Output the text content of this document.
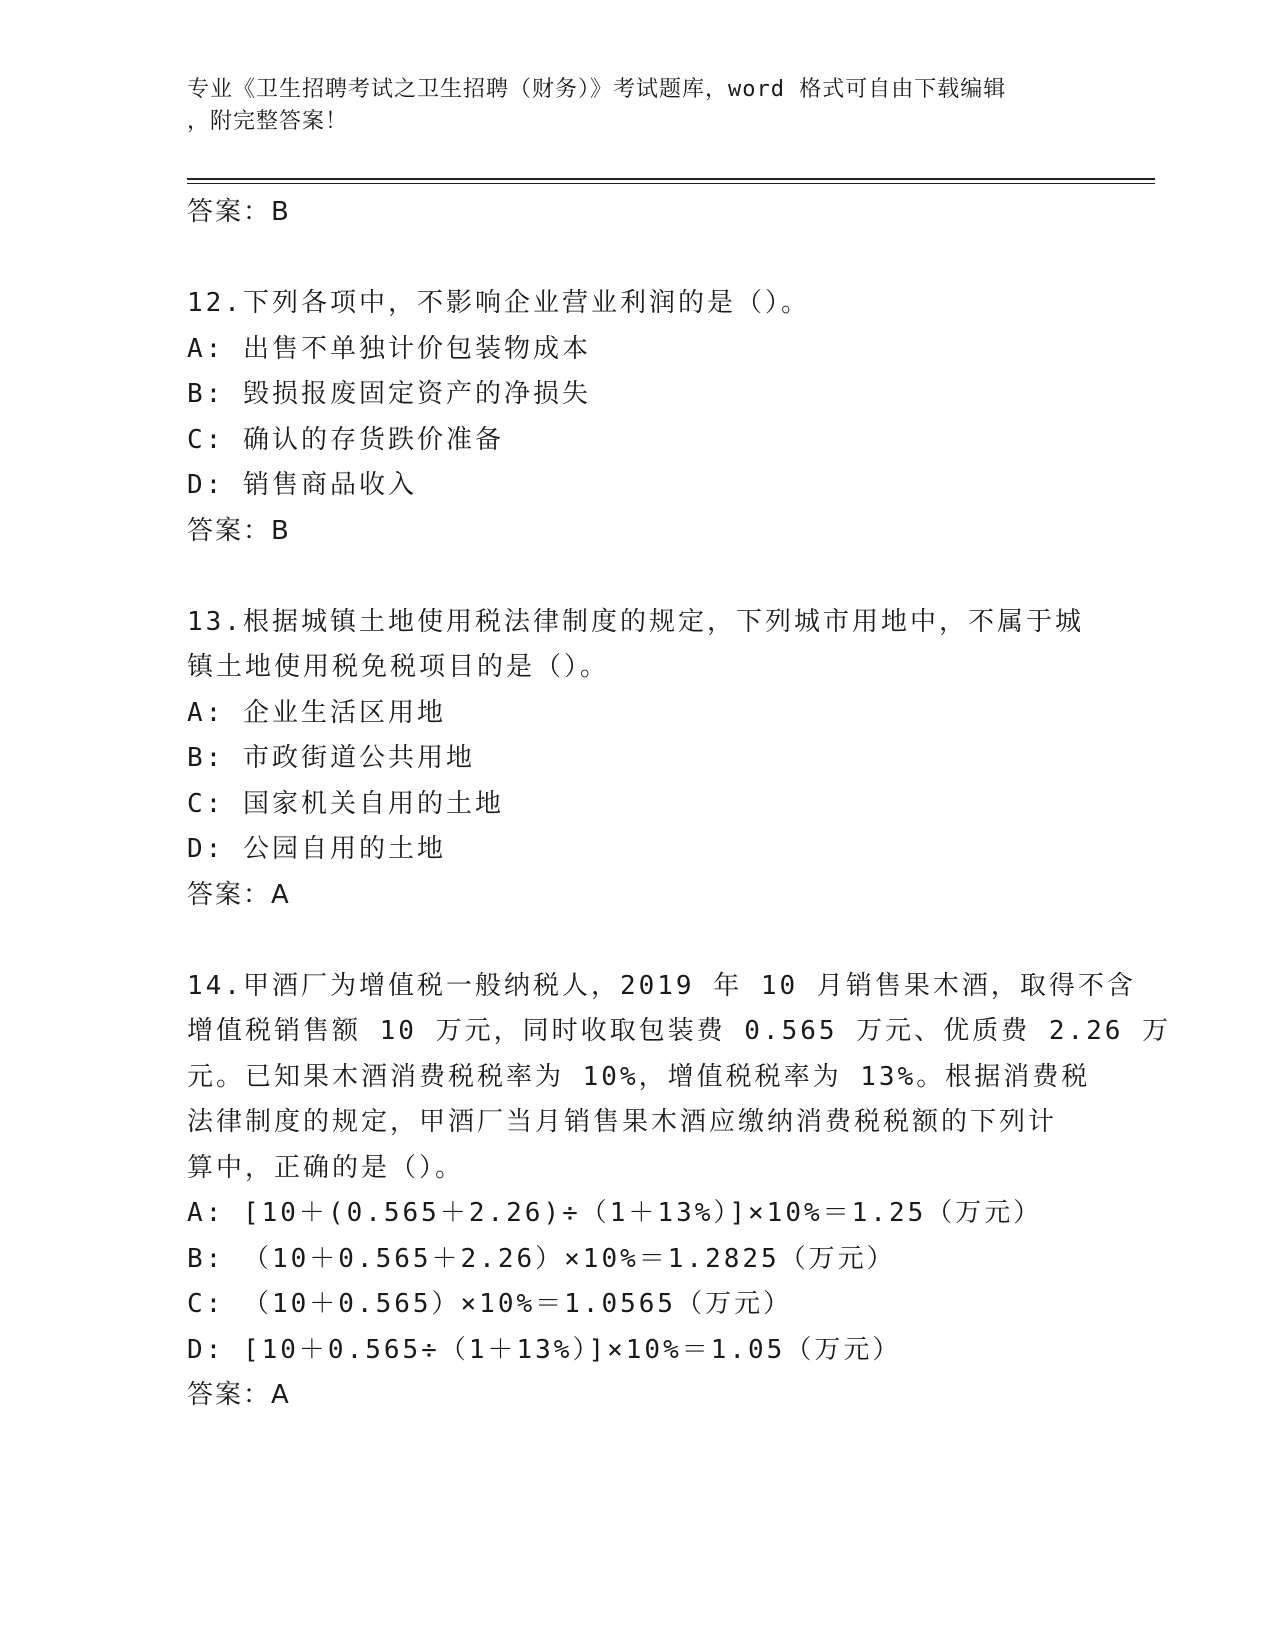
专业《卫生招聘考试之卫生招聘（财务）》考试题库，word 格式可自由下载编辑
，附完整答案！
答案：B
12.下列各项中，不影响企业营业利润的是（）。
A: 出售不单独计价包装物成本
B: 毁损报废固定资产的净损失
C: 确认的存货跌价准备
D: 销售商品收入
答案：B
13.根据城镇土地使用税法律制度的规定，下列城市用地中，不属于城
镇土地使用税免税项目的是（）。
A: 企业生活区用地
B: 市政街道公共用地
C: 国家机关自用的土地
D: 公园自用的土地
答案：A
14.甲酒厂为增值税一般纳税人，2019 年 10 月销售果木酒，取得不含
增值税销售额 10 万元，同时收取包装费 0.565 万元、优质费 2.26 万
元。已知果木酒消费税税率为 10%，增值税税率为 13%。根据消费税
法律制度的规定，甲酒厂当月销售果木酒应缴纳消费税税额的下列计
算中，正确的是（）。
A: [10＋(0.565＋2.26)÷（1＋13%）]×10%＝1.25（万元）
B: （10＋0.565＋2.26）×10%＝1.2825（万元）
C: （10＋0.565）×10%＝1.0565（万元）
D: [10＋0.565÷（1＋13%）]×10%＝1.05（万元）
答案：A
